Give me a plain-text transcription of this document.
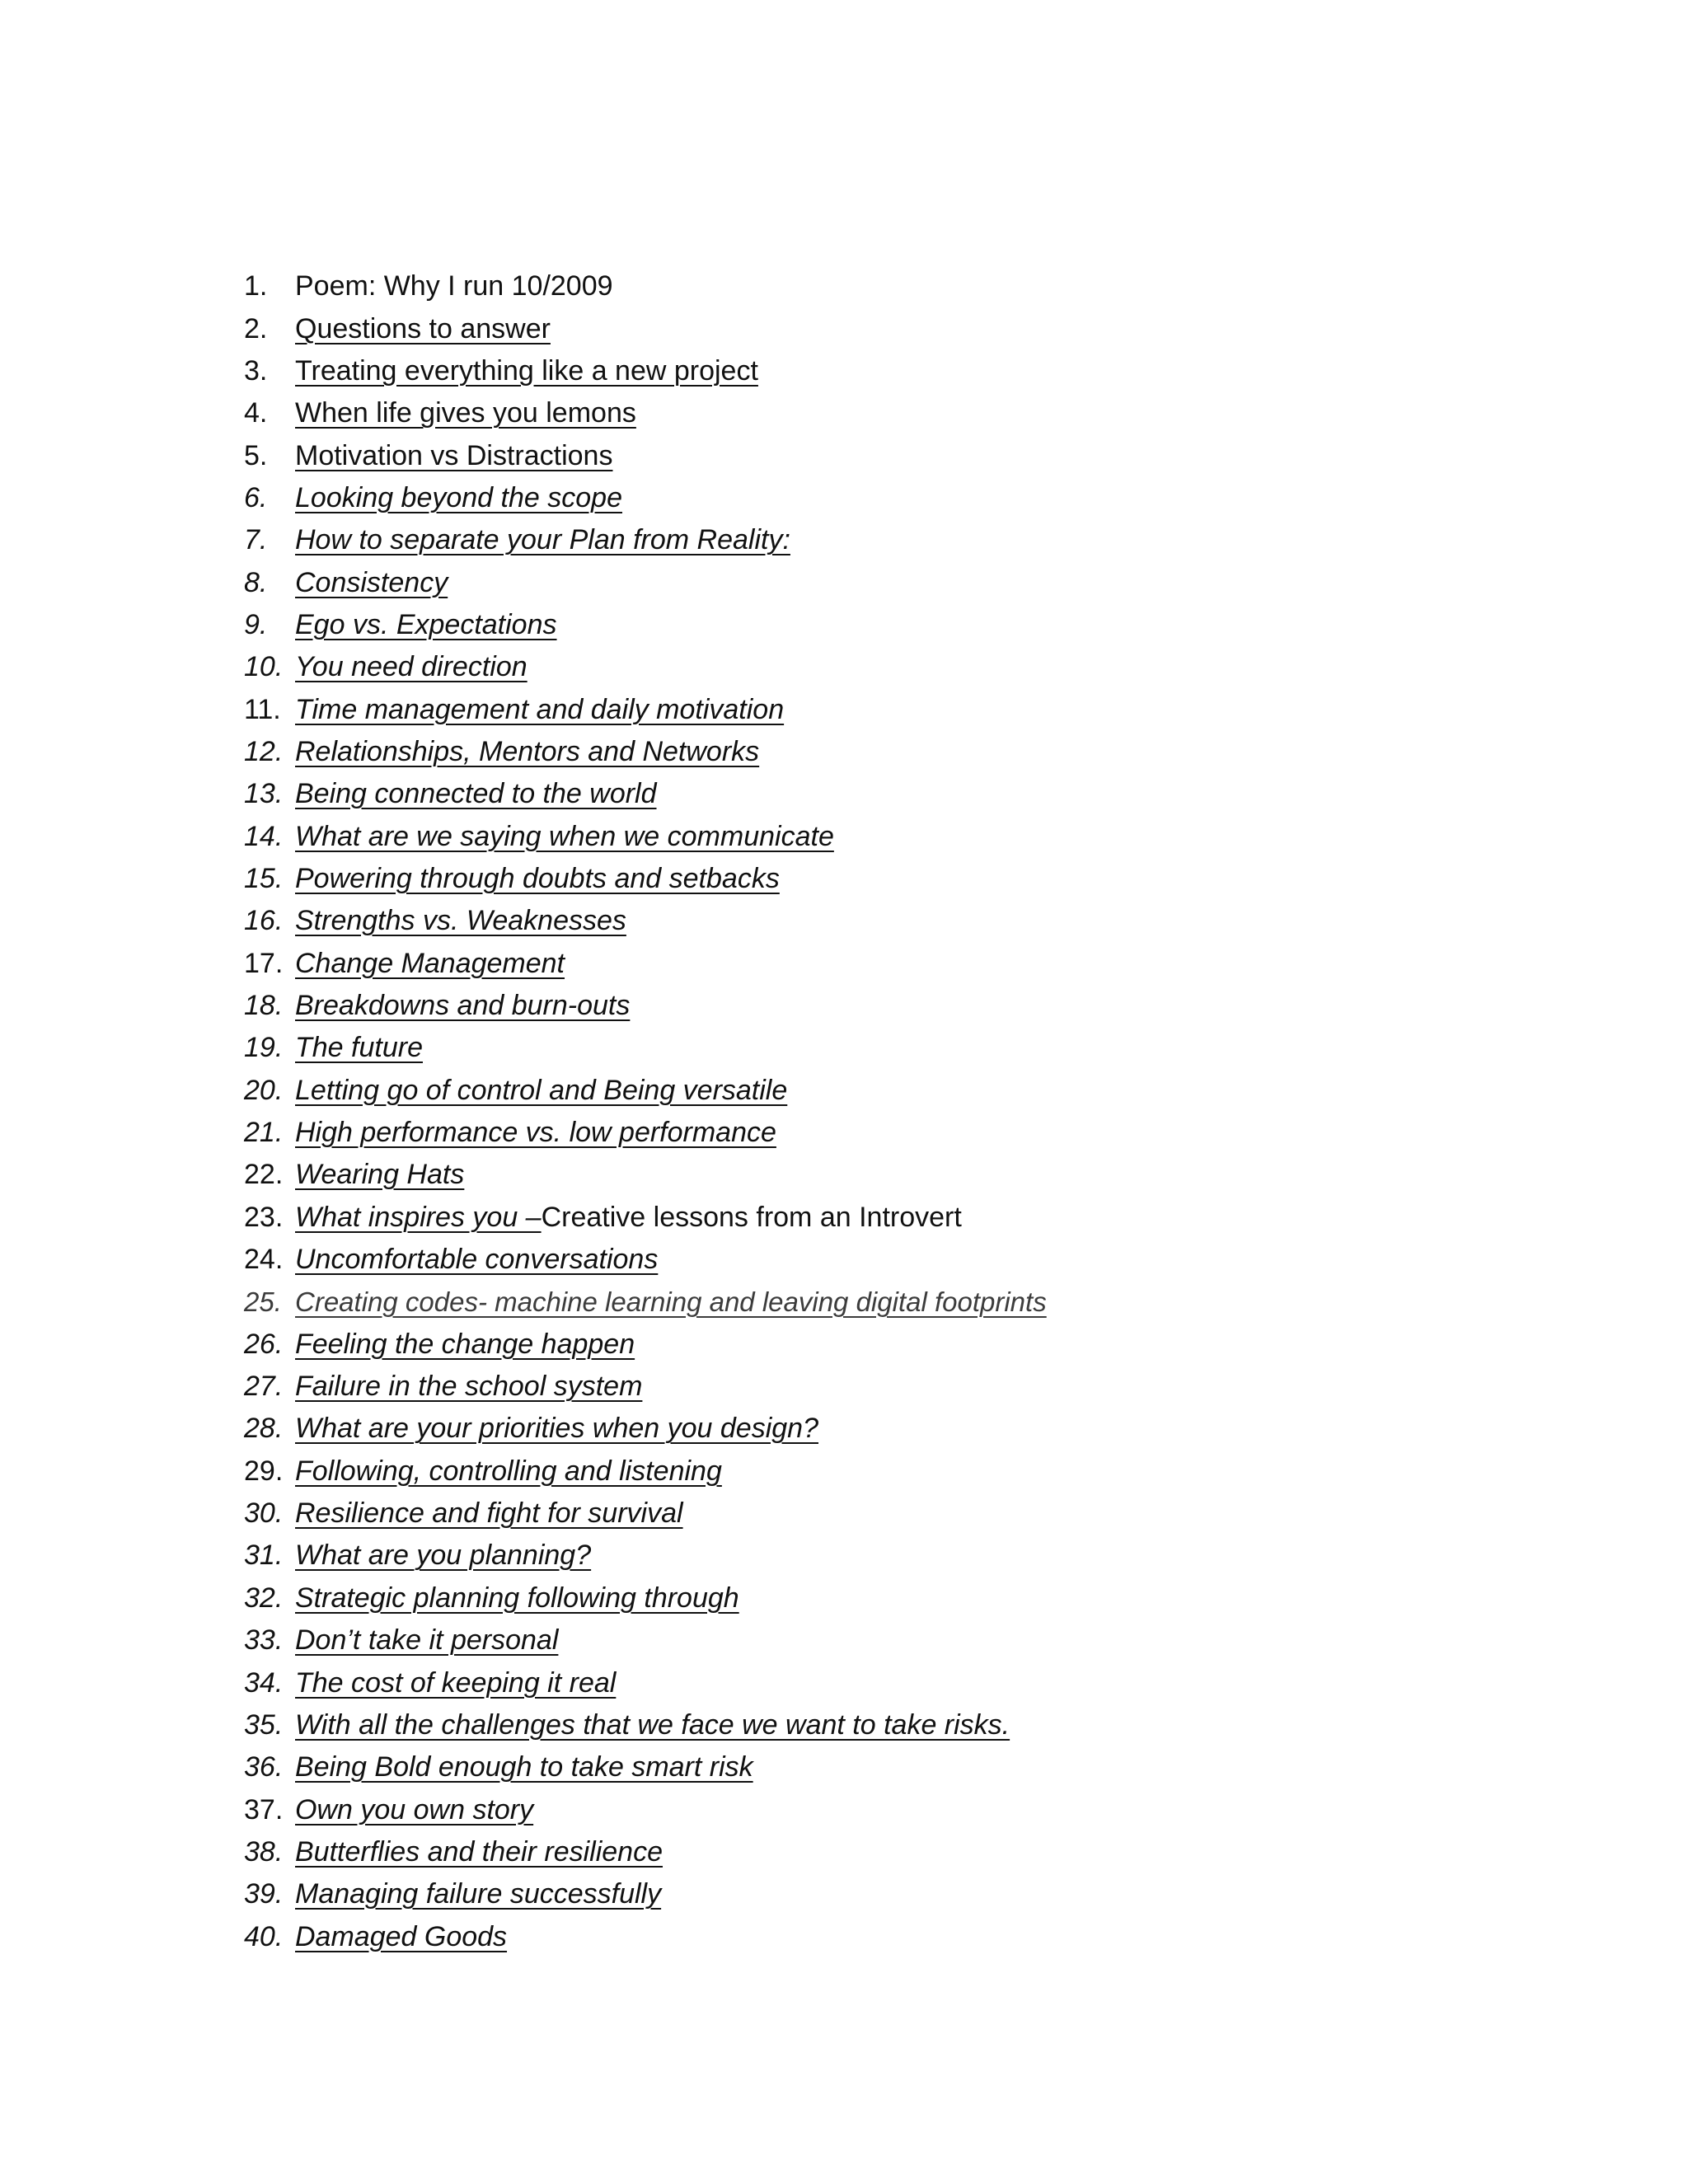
1. Poem: Why I run 10/2009
2. Questions to answer
3. Treating everything like a new project
4. When life gives you lemons
5. Motivation vs Distractions
6. Looking beyond the scope
7. How to separate your Plan from Reality:
8. Consistency
9. Ego vs. Expectations
10. You need direction
11. Time management and daily motivation
12. Relationships, Mentors and Networks
13. Being connected to the world
14. What are we saying when we communicate
15. Powering through doubts and setbacks
16. Strengths vs. Weaknesses
17. Change Management
18. Breakdowns and burn-outs
19. The future
20. Letting go of control and Being versatile
21. High performance vs. low performance
22. Wearing Hats
23. What inspires you – Creative lessons from an Introvert
24. Uncomfortable conversations
25. Creating codes- machine learning and leaving digital footprints
26. Feeling the change happen
27. Failure in the school system
28. What are your priorities when you design?
29. Following, controlling and listening
30. Resilience and fight for survival
31. What are you planning?
32. Strategic planning following through
33. Don’t take it personal
34. The cost of keeping it real
35. With all the challenges that we face we want to take risks.
36. Being Bold enough to take smart risk
37. Own you own story
38. Butterflies and their resilience
39. Managing failure successfully
40. Damaged Goods
